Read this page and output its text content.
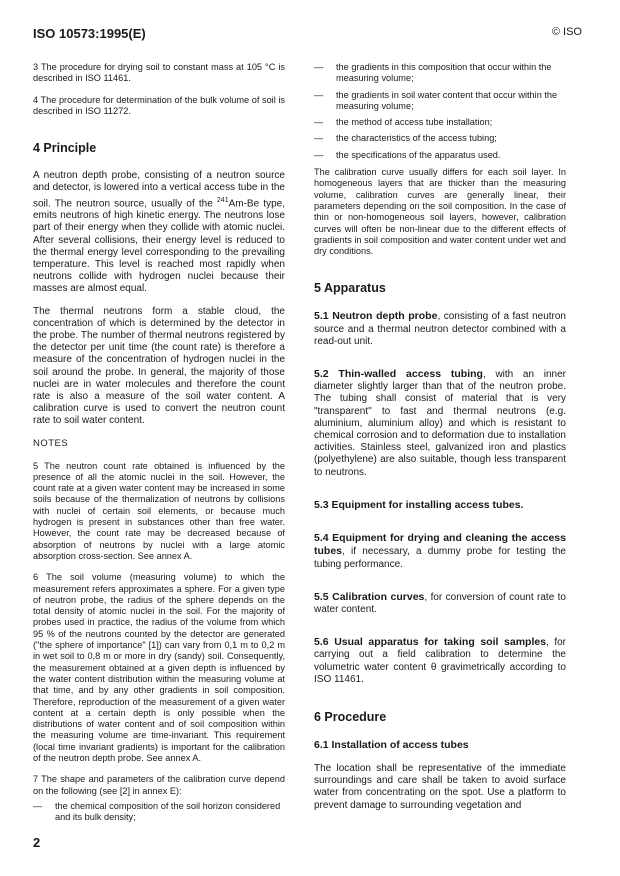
ISO 10573:1995(E)	© ISO

3 The procedure for drying soil to constant mass at 105 °C is described in ISO 11461.

4 The procedure for determination of the bulk volume of soil is described in ISO 11272.

4 Principle

A neutron depth probe, consisting of a neutron source and detector, is lowered into a vertical access tube in the soil. The neutron source, usually of the $^{241}$Am-Be type, emits neutrons of high kinetic energy. The neutrons lose part of their energy when they collide with atomic nuclei. After several collisions, their energy level is reduced to the thermal energy level corresponding to the prevailing temperature. This level is reached most rapidly when neutrons collide with hydrogen nuclei because their masses are almost equal.

The thermal neutrons form a stable cloud, the concentration of which is determined by the detector in the probe. The number of thermal neutrons registered by the detector per unit time (the count rate) is therefore a measure of the concentration of hydrogen nuclei in the soil around the probe. In general, the majority of those nuclei are in water molecules and therefore the count rate is also a measure of the soil water content. A calibration curve is used to convert the neutron count rate to soil water content.

NOTES

5 The neutron count rate obtained is influenced by the presence of all the atomic nuclei in the soil. However, the count rate at a given water content may be increased in some soils because of the thermalization of neutrons by collisions with nuclei of certain soil elements, or because much hydrogen is present in substances other than free water. However, the count rate may be decreased because of absorption of neutrons by nuclei with a large atomic absorption cross-section. See annex A.

6 The soil volume (measuring volume) to which the measurement refers approximates a sphere. For a given type of neutron probe, the radius of the sphere depends on the total density of atomic nuclei in the soil. For the majority of probes used in practice, the radius of the volume from which 95 % of the neutrons counted by the detector are generated ("the sphere of importance" [1]) can vary from 0,1 m to 0,2 m in wet soil to 0,8 m or more in dry (sandy) soil. Consequently, the measurement obtained at a given depth is influenced by the water content distribution within the measuring volume at that time, and by any other gradients in soil composition. Therefore, reproduction of the measurement of a given water content at a certain depth is only possible when the distributions of water content and of soil composition within the measuring volume are time-invariant. This requirement (local time invariant gradients) is important for the calibration of the neutron depth probe. See annex A.

7 The shape and parameters of the calibration curve depend on the following (see [2] in annex E):

— the chemical composition of the soil horizon considered and its bulk density;
— the gradients in this composition that occur within the measuring volume;
— the gradients in soil water content that occur within the measuring volume;
— the method of access tube installation;
— the characteristics of the access tubing;
— the specifications of the apparatus used.

The calibration curve usually differs for each soil layer. In homogeneous layers that are thicker than the measuring volume, calibration curves are generally linear, their parameters depending on the soil composition. In the case of thin or non-homogeneous soil layers, however, calibration curves will often be non-linear due to the different effects of gradients in soil composition and water content under wet and dry conditions.

5 Apparatus

5.1 Neutron depth probe, consisting of a fast neutron source and a thermal neutron detector combined with a read-out unit.

5.2 Thin-walled access tubing, with an inner diameter slightly larger than that of the neutron probe. The tubing shall consist of material that is very "transparent" to fast and thermal neutrons (e.g. aluminium, aluminium alloy) and which is resistant to chemical corrosion and to deformation due to installation activities. Stainless steel, galvanized iron and plastics (polyethylene) are also suitable, though less transparent to neutrons.

5.3 Equipment for installing access tubes.

5.4 Equipment for drying and cleaning the access tubes, if necessary, a dummy probe for testing the tubing performance.

5.5 Calibration curves, for conversion of count rate to water content.

5.6 Usual apparatus for taking soil samples, for carrying out a field calibration to determine the volumetric water content θ gravimetrically according to ISO 11461.

6 Procedure

6.1 Installation of access tubes

The location shall be representative of the immediate surroundings and care shall be taken to avoid surface water from concentrating on the spot. Use a platform to prevent damage to surrounding vegetation and

2
